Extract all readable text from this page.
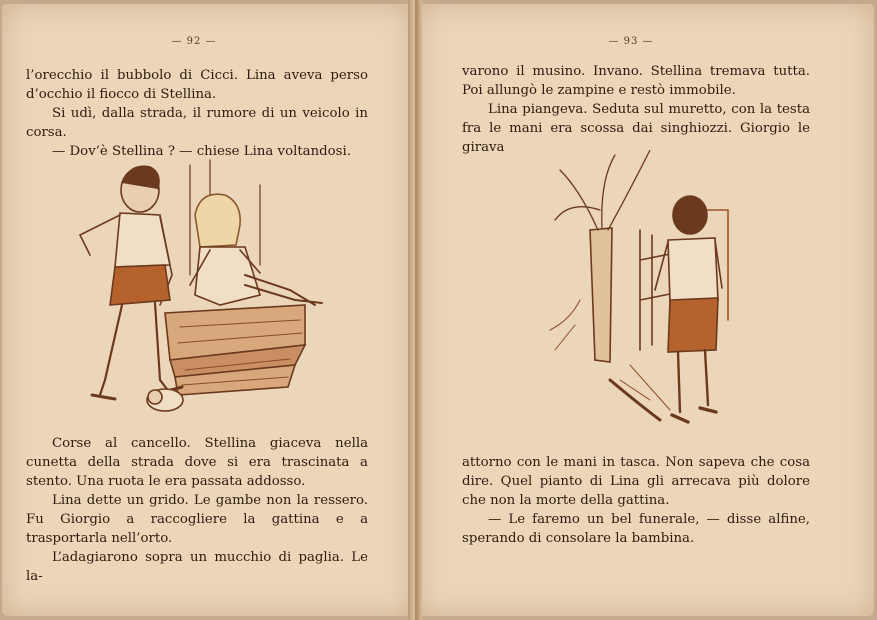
— 92 —

l’orecchio il bubbolo di Cicci. Lina aveva perso d’occhio il fiocco di Stellina.

Si udì, dalla strada, il rumore di un veicolo in corsa.

— Dov’è Stellina ? — chiese Lina voltandosi.

Corse al cancello. Stellina giaceva nella cunetta della strada dove si era trascinata a stento. Una ruota le era passata addosso.

Lina dette un grido. Le gambe non la ressero. Fu Giorgio a raccogliere la gattina e a trasportarla nell’orto.

L’adagiarono sopra un mucchio di paglia. Le la-

— 93 —

varono il musino. Invano. Stellina tremava tutta. Poi allungò le zampine e restò immobile.

Lina piangeva. Seduta sul muretto, con la testa fra le mani era scossa dai singhiozzi. Giorgio le girava

attorno con le mani in tasca. Non sapeva che cosa dire. Quel pianto di Lina gli arrecava più dolore che non la morte della gattina.

— Le faremo un bel funerale, — disse alfine, sperando di consolare la bambina.
